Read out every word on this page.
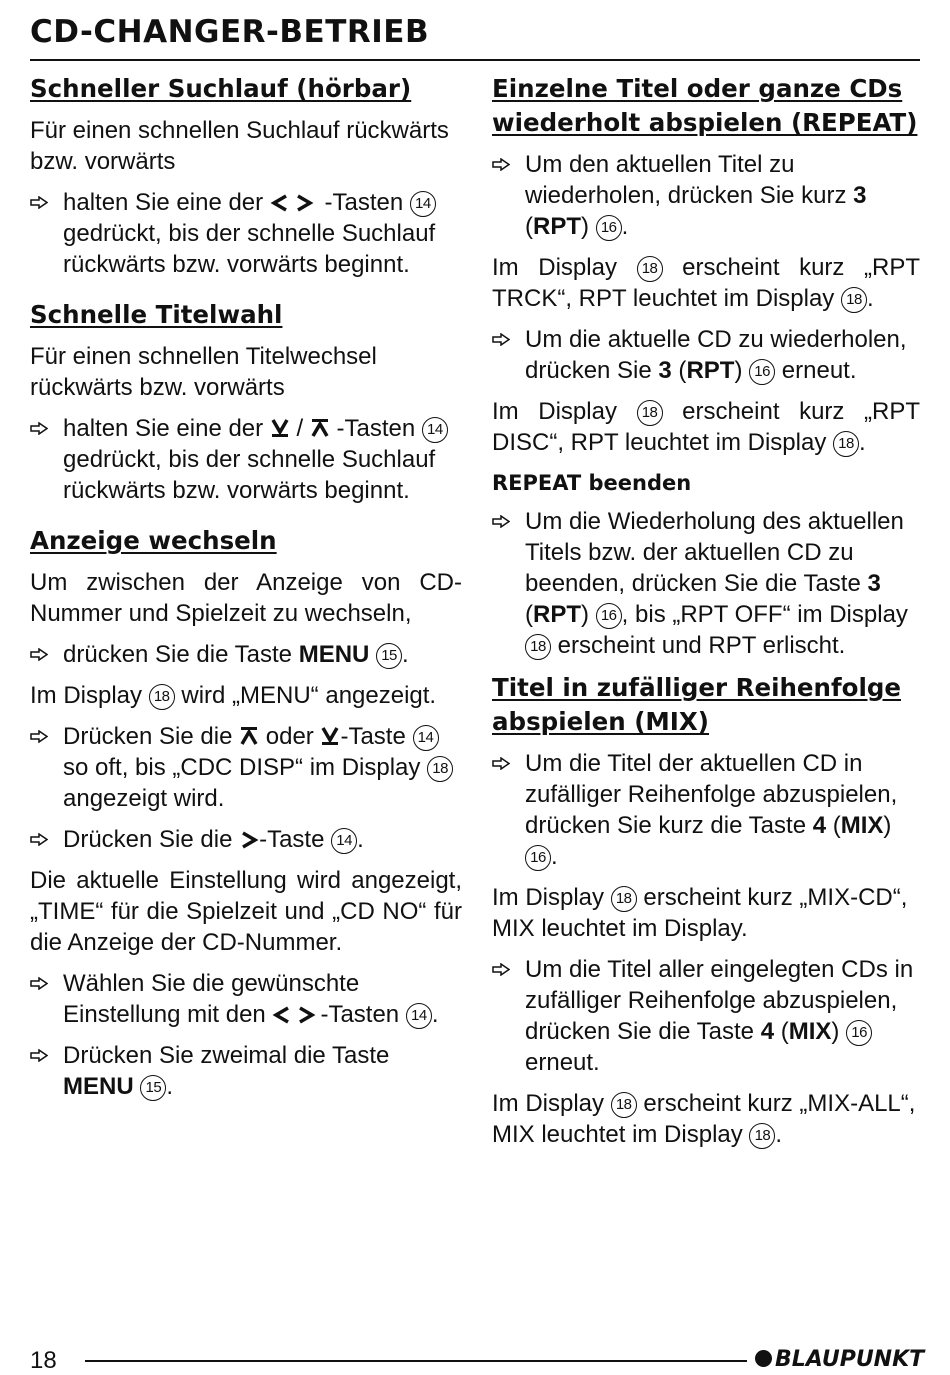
CD-CHANGER-BETRIEB
Schneller Suchlauf (hörbar)

Für einen schnellen Suchlauf rückwärts bzw. vorwärts

halten Sie eine der	-Tasten 14 gedrückt, bis der schnelle Suchlauf rückwärts bzw. vorwärts beginnt.
Schnelle Titelwahl

Für einen schnellen Titelwechsel rückwärts bzw. vorwärts

halten Sie eine der  /  -Tasten 14 gedrückt, bis der schnelle Suchlauf rückwärts bzw. vorwärts beginnt.
Anzeige wechseln

Um zwischen der Anzeige von CD-Nummer und Spielzeit zu wechseln,

drücken Sie die Taste MENU 15 .

Im Display 18 wird „MENU“ angezeigt.

Drücken Sie die  oder -Taste 14 so oft, bis „CDC DISP“ im Display 18 angezeigt wird.
Drücken Sie die -Taste 14 .

Die aktuelle Einstellung wird angezeigt, „TIME“ für die Spielzeit und „CD NO“ für die Anzeige der CD-Nummer.

Wählen Sie die gewünschte Einstellung mit den -Tasten 14 .
Drücken Sie zweimal die Taste MENU 15 .
Einzelne Titel oder ganze CDs wiederholt abspielen (REPEAT)
Um den aktuellen Titel zu wiederholen, drücken Sie kurz 3 (RPT) 16 .

Im Display 18 erscheint kurz „RPT TRCK“, RPT leuchtet im Display 18 .

Um die aktuelle CD zu wiederholen, drücken Sie 3 (RPT) 16 erneut.

Im Display 18 erscheint kurz „RPT DISC“, RPT leuchtet im Display 18 .

REPEAT beenden
Um die Wiederholung des aktuellen Titels bzw. der aktuellen CD zu beenden, drücken Sie die Taste 3 (RPT) 16 , bis „RPT OFF“ im Display 18 erscheint und RPT erlischt.
Titel in zufälliger Reihenfolge abspielen (MIX)
Um die Titel der aktuellen CD in zufälliger Reihenfolge abzuspielen, drücken Sie kurz die Taste 4 (MIX) 16 .

Im Display 18 erscheint kurz „MIX-CD“, MIX leuchtet im Display.

Um die Titel aller eingelegten CDs in zufälliger Reihenfolge abzuspielen, drücken Sie die Taste 4 (MIX) 16 erneut.

Im Display 18 erscheint kurz „MIX-ALL“, MIX leuchtet im Display 18 .

18	BLAUPUNKT
